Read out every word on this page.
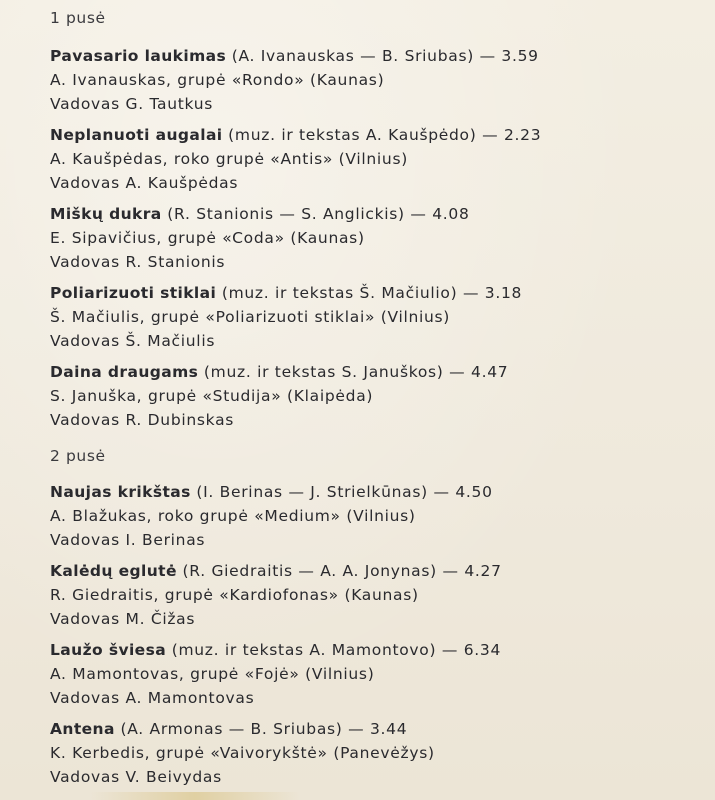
1 pusė

Pavasario laukimas (A. Ivanauskas — B. Sriubas) — 3.59

A. Ivanauskas, grupė «Rondo» (Kaunas)

Vadovas G. Tautkus

Neplanuoti augalai (muz. ir tekstas A. Kaušpėdo) — 2.23

A. Kaušpėdas, roko grupė «Antis» (Vilnius)

Vadovas A. Kaušpėdas

Miškų dukra (R. Stanionis — S. Anglickis) — 4.08

E. Sipavičius, grupė «Coda» (Kaunas)

Vadovas R. Stanionis

Poliarizuoti stiklai (muz. ir tekstas Š. Mačiulio) — 3.18

Š. Mačiulis, grupė «Poliarizuoti stiklai» (Vilnius)

Vadovas Š. Mačiulis

Daina draugams (muz. ir tekstas S. Januškos) — 4.47

S. Januška, grupė «Studija» (Klaipėda)

Vadovas R. Dubinskas

2 pusė

Naujas krikštas (I. Berinas — J. Strielkūnas) — 4.50

A. Blažukas, roko grupė «Medium» (Vilnius)

Vadovas I. Berinas

Kalėdų eglutė (R. Giedraitis — A. A. Jonynas) — 4.27

R. Giedraitis, grupė «Kardiofonas» (Kaunas)

Vadovas M. Čižas

Laužo šviesa (muz. ir tekstas A. Mamontovo) — 6.34

A. Mamontovas, grupė «Fojė» (Vilnius)

Vadovas A. Mamontovas

Antena (A. Armonas — B. Sriubas) — 3.44

K. Kerbedis, grupė «Vaivorykštė» (Panevėžys)

Vadovas V. Beivydas
